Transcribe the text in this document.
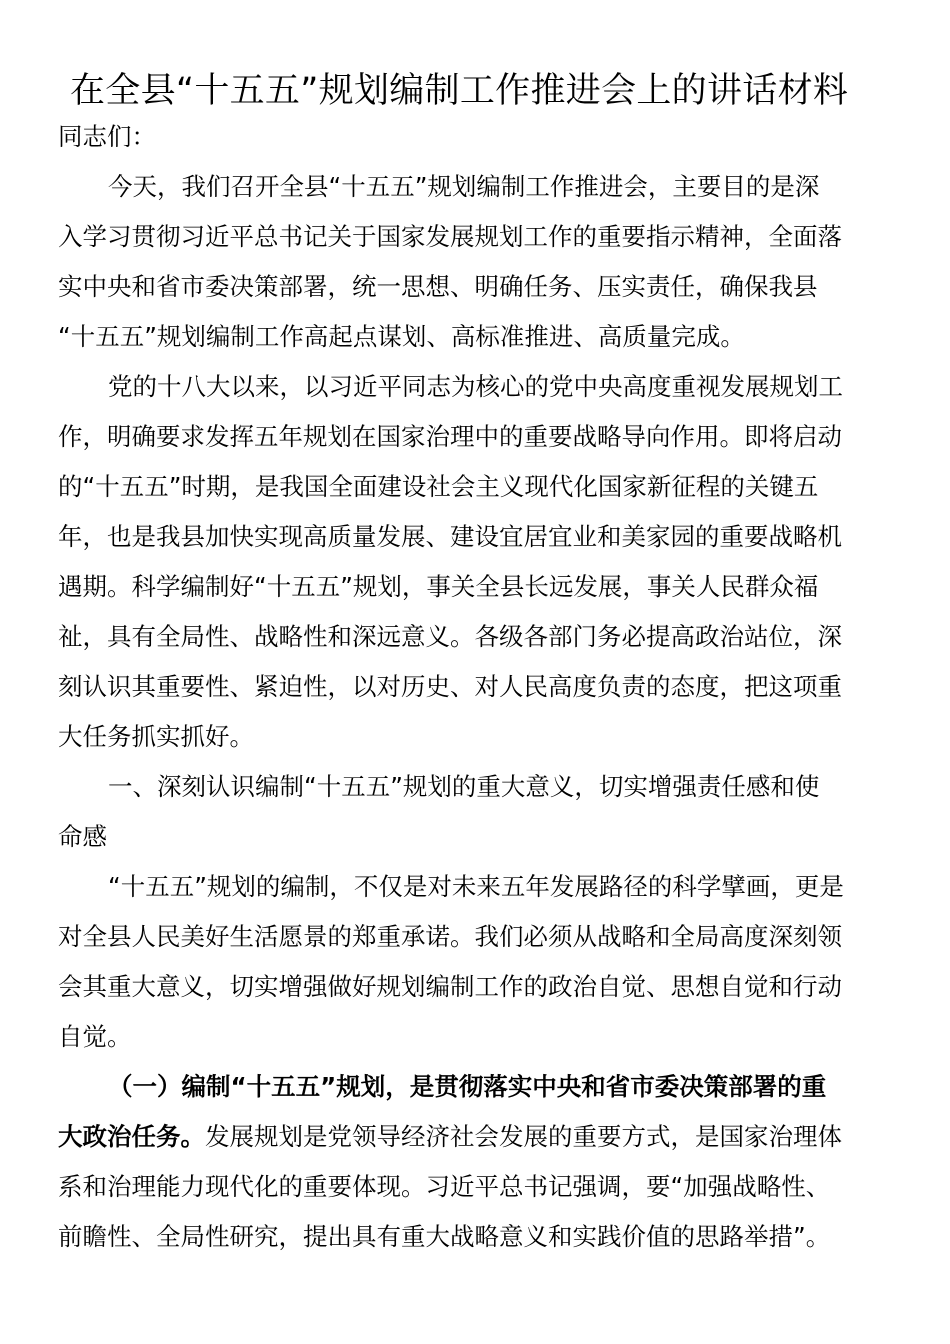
在全县“十五五”规划编制工作推进会上的讲话材料
同志们：
今天，我们召开全县“十五五”规划编制工作推进会，主要目的是深
入学习贯彻习近平总书记关于国家发展规划工作的重要指示精神，全面落
实中央和省市委决策部署，统一思想、明确任务、压实责任，确保我县
“十五五”规划编制工作高起点谋划、高标准推进、高质量完成。
党的十八大以来，以习近平同志为核心的党中央高度重视发展规划工
作，明确要求发挥五年规划在国家治理中的重要战略导向作用。即将启动
的“十五五”时期，是我国全面建设社会主义现代化国家新征程的关键五
年，也是我县加快实现高质量发展、建设宜居宜业和美家园的重要战略机
遇期。科学编制好“十五五”规划，事关全县长远发展，事关人民群众福
祉，具有全局性、战略性和深远意义。各级各部门务必提高政治站位，深
刻认识其重要性、紧迫性，以对历史、对人民高度负责的态度，把这项重
大任务抓实抓好。
一、深刻认识编制“十五五”规划的重大意义，切实增强责任感和使
命感
“十五五”规划的编制，不仅是对未来五年发展路径的科学擘画，更是
对全县人民美好生活愿景的郑重承诺。我们必须从战略和全局高度深刻领
会其重大意义，切实增强做好规划编制工作的政治自觉、思想自觉和行动
自觉。
（一）编制“十五五”规划，是贯彻落实中央和省市委决策部署的重
大政治任务。发展规划是党领导经济社会发展的重要方式，是国家治理体
系和治理能力现代化的重要体现。习近平总书记强调，要“加强战略性、
前瞻性、全局性研究，提出具有重大战略意义和实践价值的思路举措”。
